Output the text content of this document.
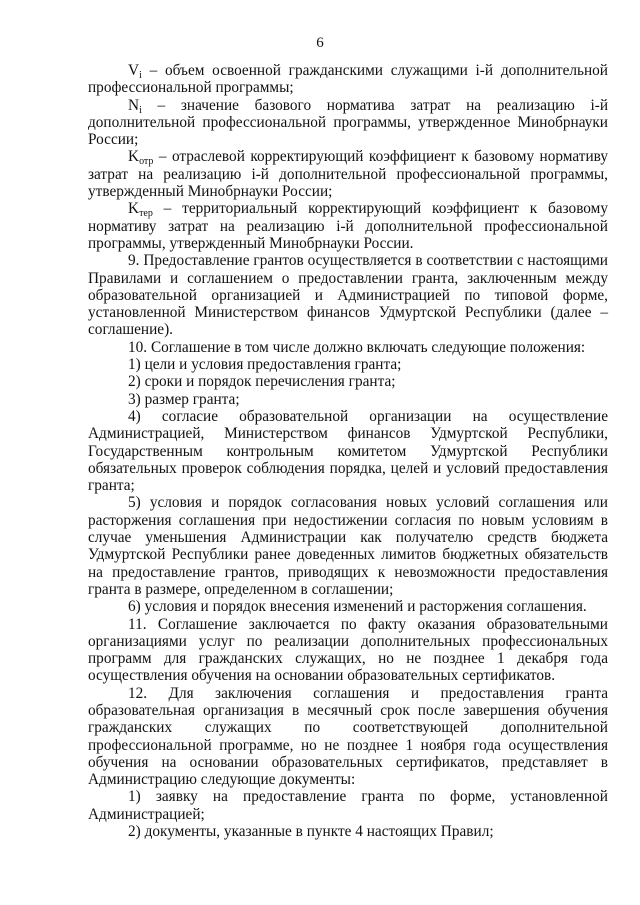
6

$V_i$ – объем освоенной гражданскими служащими i-й дополнительной профессиональной программы;

$N_i$ – значение базового норматива затрат на реализацию i-й дополнительной профессиональной программы, утвержденное Минобрнауки России;

$K_{отр}$ – отраслевой корректирующий коэффициент к базовому нормативу затрат на реализацию i-й дополнительной профессиональной программы, утвержденный Минобрнауки России;

$K_{тер}$ – территориальный корректирующий коэффициент к базовому нормативу затрат на реализацию i-й дополнительной профессиональной программы, утвержденный Минобрнауки России.

9. Предоставление грантов осуществляется в соответствии с настоящими Правилами и соглашением о предоставлении гранта, заключенным между образовательной организацией и Администрацией по типовой форме, установленной Министерством финансов Удмуртской Республики (далее – соглашение).

10. Соглашение в том числе должно включать следующие положения:

1) цели и условия предоставления гранта;

2) сроки и порядок перечисления гранта;

3) размер гранта;

4) согласие образовательной организации на осуществление Администрацией, Министерством финансов Удмуртской Республики, Государственным контрольным комитетом Удмуртской Республики обязательных проверок соблюдения порядка, целей и условий предоставления гранта;

5) условия и порядок согласования новых условий соглашения или расторжения соглашения при недостижении согласия по новым условиям в случае уменьшения Администрации как получателю средств бюджета Удмуртской Республики ранее доведенных лимитов бюджетных обязательств на предоставление грантов, приводящих к невозможности предоставления гранта в размере, определенном в соглашении;

6) условия и порядок внесения изменений и расторжения соглашения.

11. Соглашение заключается по факту оказания образовательными организациями услуг по реализации дополнительных профессиональных программ для гражданских служащих, но не позднее 1 декабря года осуществления обучения на основании образовательных сертификатов.

12. Для заключения соглашения и предоставления гранта образовательная организация в месячный срок после завершения обучения гражданских служащих по соответствующей дополнительной профессиональной программе, но не позднее 1 ноября года осуществления обучения на основании образовательных сертификатов, представляет в Администрацию следующие документы:

1) заявку на предоставление гранта по форме, установленной Администрацией;

2) документы, указанные в пункте 4 настоящих Правил;
